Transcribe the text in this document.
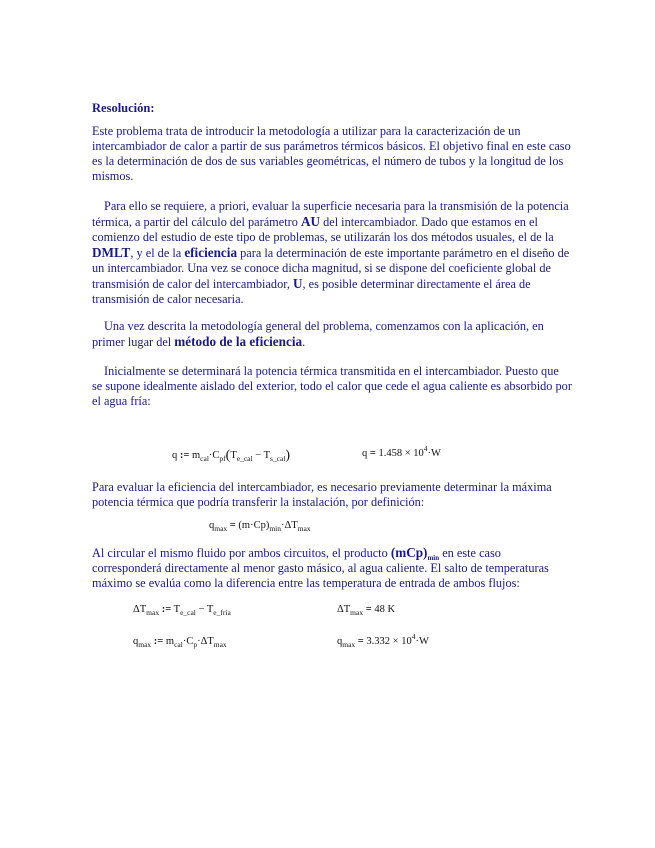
Resolución:

Este problema trata de introducir la metodología a utilizar para la caracterización de un intercambiador de calor a partir de sus parámetros térmicos básicos. El objetivo final en este caso es la determinación de dos de sus variables geométricas, el número de tubos y la longitud de los mismos.

Para ello se requiere, a priori, evaluar la superficie necesaria para la transmisión de la potencia térmica, a partir del cálculo del parámetro AU del intercambiador. Dado que estamos en el comienzo del estudio de este tipo de problemas, se utilizarán los dos métodos usuales, el de la DMLT, y el de la eficiencia para la determinación de este importante parámetro en el diseño de un intercambiador. Una vez se conoce dicha magnitud, si se dispone del coeficiente global de transmisión de calor del intercambiador, U, es posible determinar directamente el área de transmisión de calor necesaria.

Una vez descrita la metodología general del problema, comenzamos con la aplicación, en primer lugar del método de la eficiencia.

Inicialmente se determinará la potencia térmica transmitida en el intercambiador. Puesto que se supone idealmente aislado del exterior, todo el calor que cede el agua caliente es absorbido por el agua fría:

q := $m_{cal}\cdot C_{pf}(T_{e\_cal} - T_{s\_cal})$	$q = 1.458 \times 10^4\cdot W$

Para evaluar la eficiencia del intercambiador, es necesario previamente determinar la máxima potencia térmica que podría transferir la instalación, por definición:

$q_{max} = (m\cdot Cp)_{min}\cdot\Delta T_{max}$

Al circular el mismo fluido por ambos circuitos, el producto $(mCp)_{min}$ en este caso corresponderá directamente al menor gasto másico, al agua caliente. El salto de temperaturas máximo se evalúa como la diferencia entre las temperatura de entrada de ambos flujos:

$\Delta T_{max}$ := $T_{e\_cal} - T_{e\_fría}$	$\Delta T_{max} = 48$ K
$q_{max}$ := $m_{cal}\cdot C_p\cdot\Delta T_{max}$	$q_{max} = 3.332 \times 10^4\cdot W$
